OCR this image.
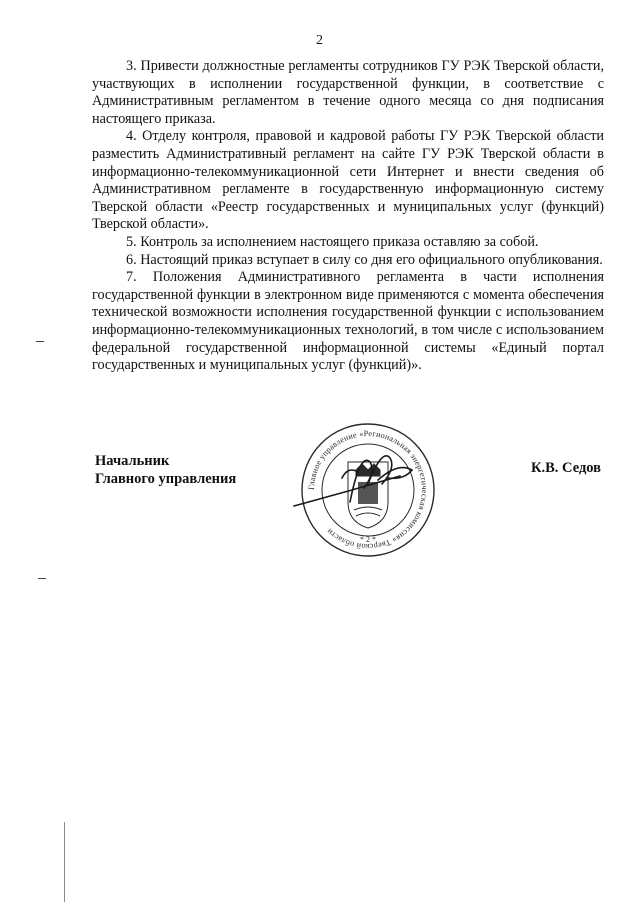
2

3. Привести должностные регламенты сотрудников ГУ РЭК Тверской области, участвующих в исполнении государственной функции, в соответствие с Административным регламентом в течение одного месяца со дня подписания настоящего приказа.

4. Отделу контроля, правовой и кадровой работы ГУ РЭК Тверской области разместить Административный регламент на сайте ГУ РЭК Тверской области в информационно-телекоммуникационной сети Интернет и внести сведения об Административном регламенте в государственную информационную систему Тверской области «Реестр государственных и муниципальных услуг (функций) Тверской области».

5. Контроль за исполнением настоящего приказа оставляю за собой.

6. Настоящий приказ вступает в силу со дня его официального опубликования.

7. Положения Административного регламента в части исполнения государственной функции в электронном виде применяются с момента обеспечения технической возможности исполнения государственной функции с использованием информационно-телекоммуникационных технологий, в том числе с использованием федеральной государственной информационной системы «Единый портал государственных и муниципальных услуг (функций)».

Начальник
Главного управления
К.В. Седов
Главное управление «Региональная энергетическая комиссия» Тверской области
* 2 *
